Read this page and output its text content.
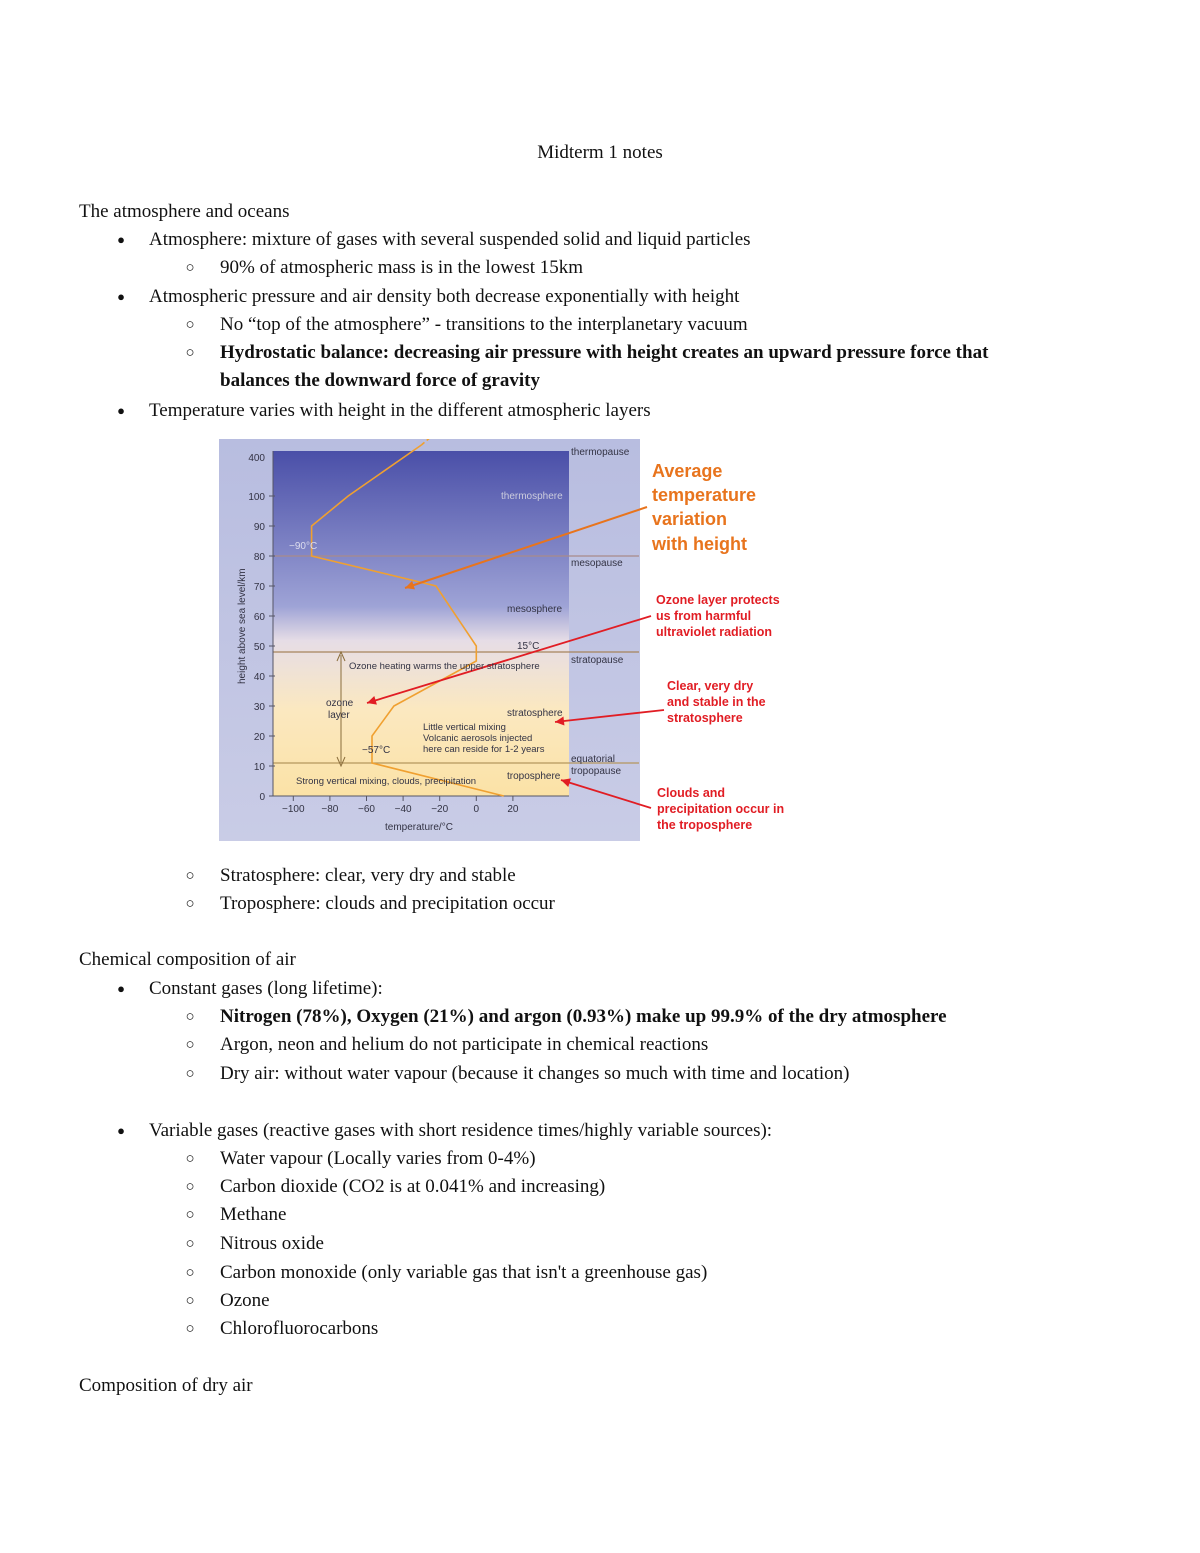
Midterm 1 notes
The atmosphere and oceans
● Atmosphere: mixture of gases with several suspended solid and liquid particles
○ 90% of atmospheric mass is in the lowest 15km
● Atmospheric pressure and air density both decrease exponentially with height
○ No “top of the atmosphere” - transitions to the interplanetary vacuum
○ Hydrostatic balance: decreasing air pressure with height creates an upward pressure force that
balances the downward force of gravity
● Temperature varies with height in the different atmospheric layers
0
10
20
30
40
50
60
70
80
90
100
400
−100 −80 −60 −40 −20	0	20
thermopause
thermosphere
mesopause
mesosphere
stratopause
stratosphere
equatorial
tropopause
troposphere
−90°C
15°C
−57°C
Ozone heating warms the upper stratosphere
ozone
layer
Little vertical mixing
Volcanic aerosols injected
here can reside for 1-2 years
Strong vertical mixing, clouds, precipitation
temperature/°C
height above sea level/km
Average
temperature
variation
with height
Ozone layer protects
us from harmful
ultraviolet radiation
Clear, very dry
and stable in the
stratosphere
Clouds and
precipitation occur in
the troposphere
○ Stratosphere: clear, very dry and stable
○ Troposphere: clouds and precipitation occur
Chemical composition of air
● Constant gases (long lifetime):
○ Nitrogen (78%), Oxygen (21%) and argon (0.93%) make up 99.9% of the dry atmosphere
○ Argon, neon and helium do not participate in chemical reactions
○ Dry air: without water vapour (because it changes so much with time and location)
● Variable gases (reactive gases with short residence times/highly variable sources):
○ Water vapour (Locally varies from 0-4%)
○ Carbon dioxide (CO2 is at 0.041% and increasing)
○ Methane
○ Nitrous oxide
○ Carbon monoxide (only variable gas that isn't a greenhouse gas)
○ Ozone
○ Chlorofluorocarbons
Composition of dry air
